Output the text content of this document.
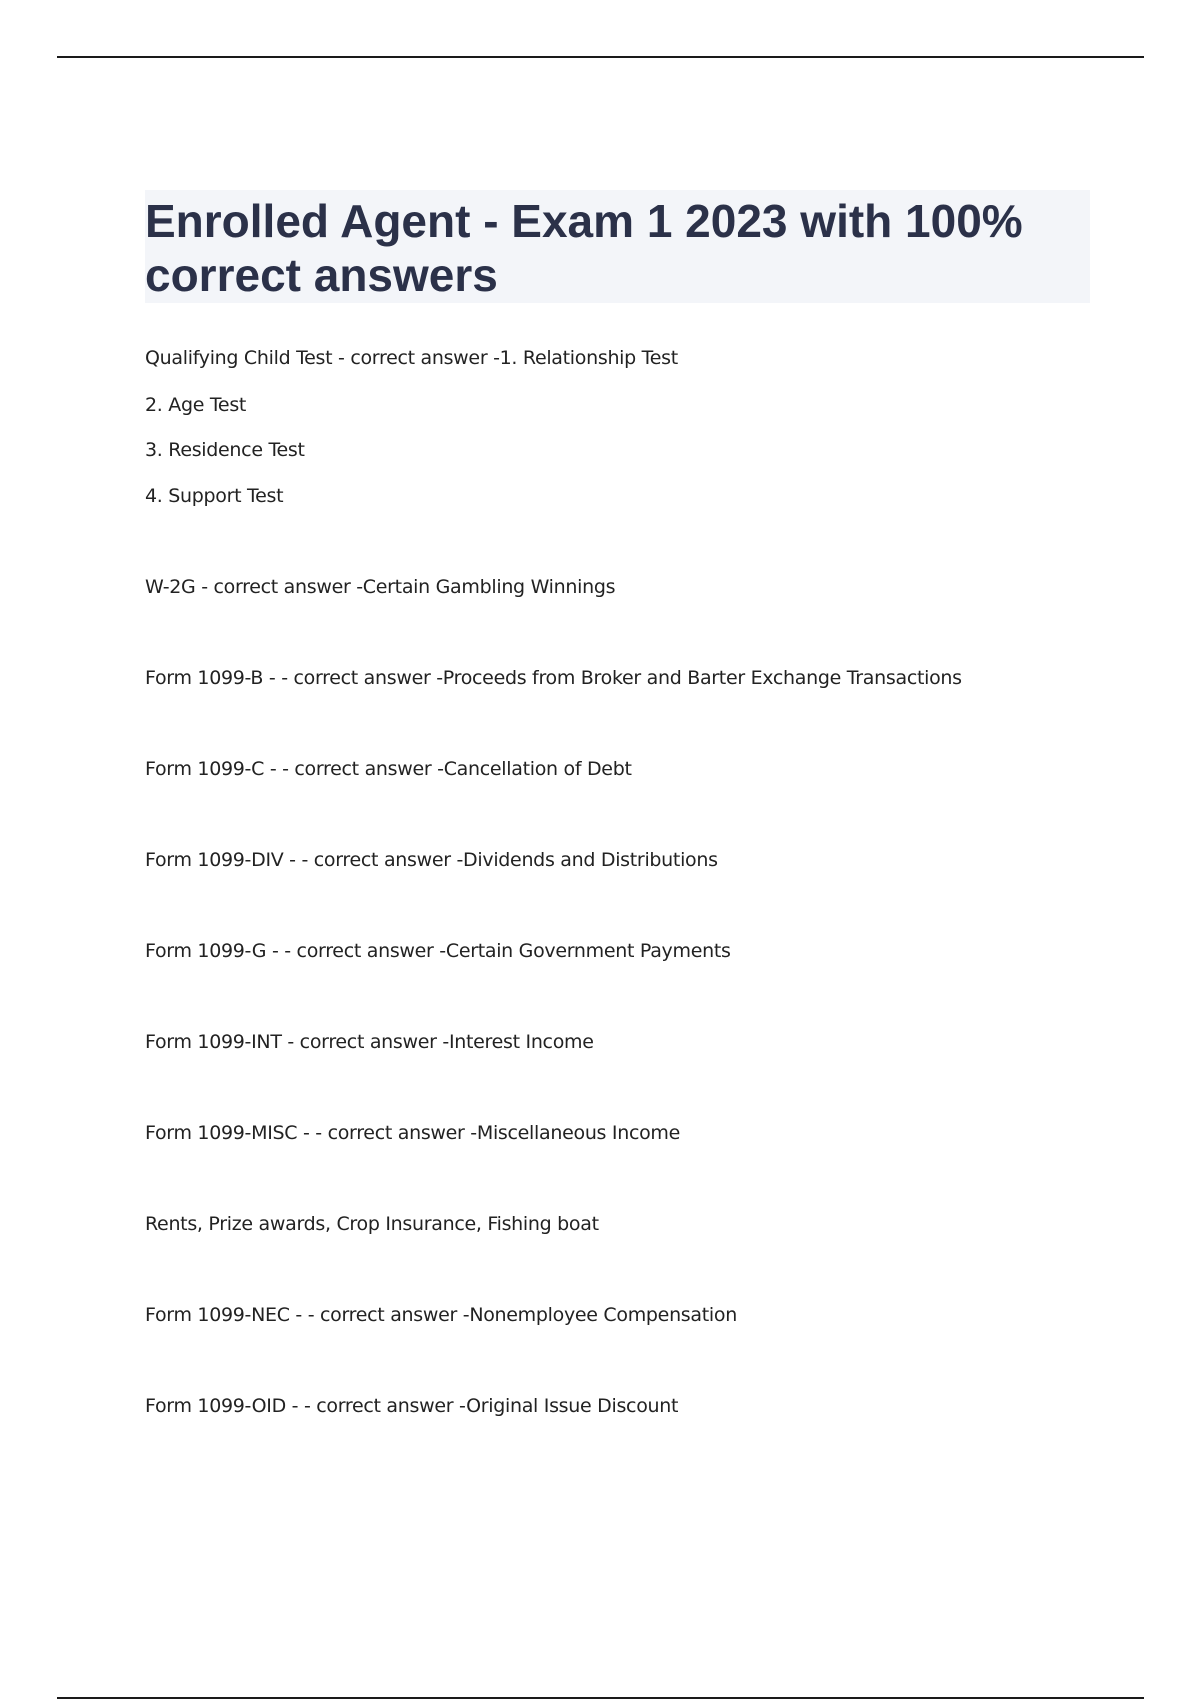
Enrolled Agent - Exam 1 2023 with 100% correct answers
Qualifying Child Test - correct answer -1. Relationship Test
2. Age Test
3. Residence Test
4. Support Test
W-2G - correct answer -Certain Gambling Winnings
Form 1099-B - - correct answer -Proceeds from Broker and Barter Exchange Transactions
Form 1099-C - - correct answer -Cancellation of Debt
Form 1099-DIV - - correct answer -Dividends and Distributions
Form 1099-G - - correct answer -Certain Government Payments
Form 1099-INT - correct answer -Interest Income
Form 1099-MISC - - correct answer -Miscellaneous Income
Rents, Prize awards, Crop Insurance, Fishing boat
Form 1099-NEC - - correct answer -Nonemployee Compensation
Form 1099-OID - - correct answer -Original Issue Discount
